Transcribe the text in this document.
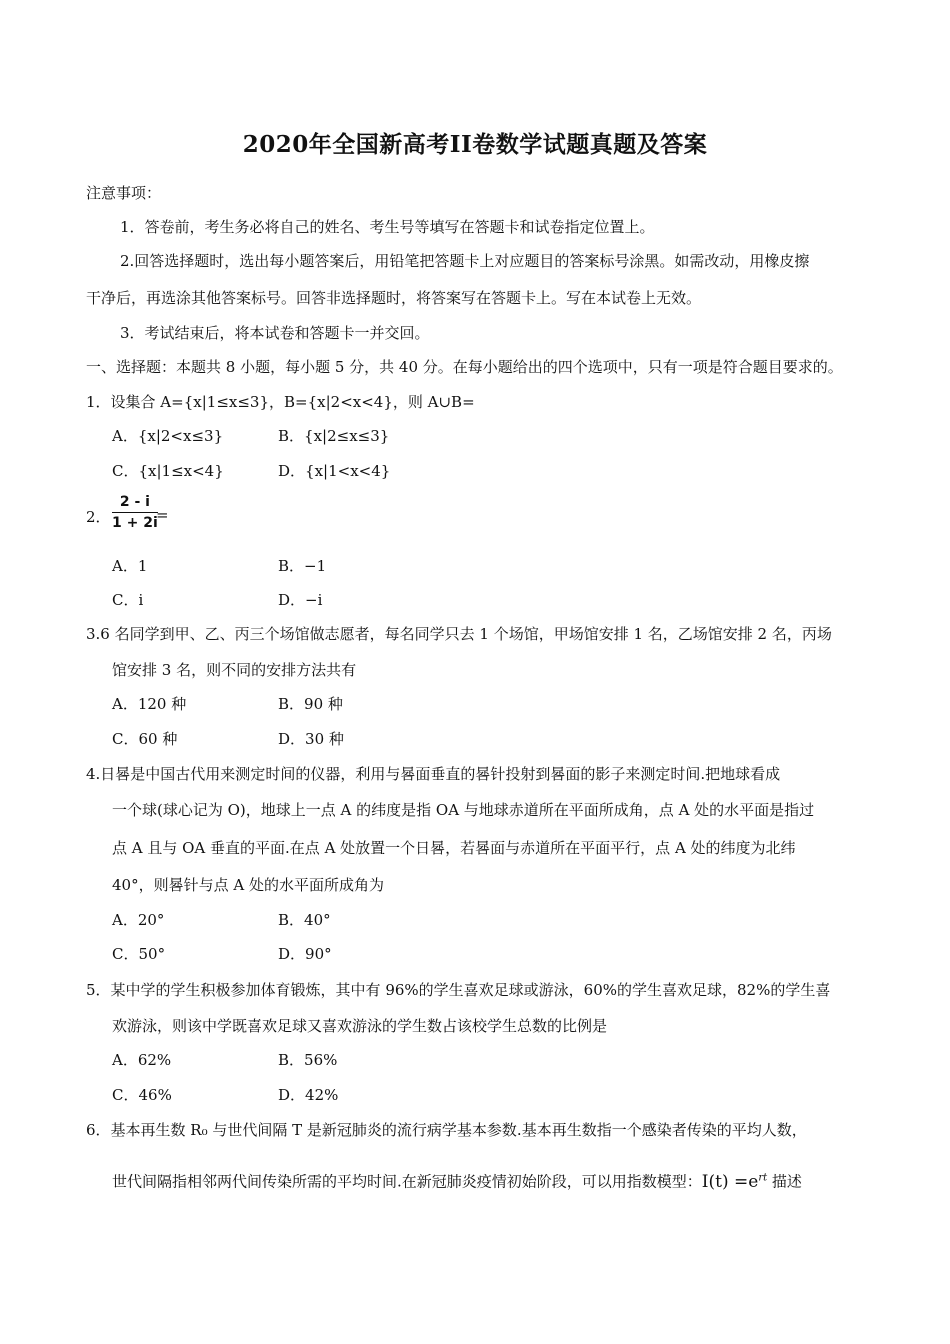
2020年全国新高考II卷数学试题真题及答案
注意事项：
1．答卷前，考生务必将自己的姓名、考生号等填写在答题卡和试卷指定位置上。
2.回答选择题时，选出每小题答案后，用铅笔把答题卡上对应题目的答案标号涂黑。如需改动，用橡皮擦
干净后，再选涂其他答案标号。回答非选择题时，将答案写在答题卡上。写在本试卷上无效。
3．考试结束后，将本试卷和答题卡一并交回。
一、选择题：本题共 8 小题，每小题 5 分，共 40 分。在每小题给出的四个选项中，只有一项是符合题目要求的。
1．设集合 A={x|1≤x≤3}，B={x|2<x<4}，则 A∪B=
A．{x|2<x≤3}	B．{x|2≤x≤3}
C．{x|1≤x<4}	D．{x|1<x<4}
2． $\frac{2 - i}{1 + 2i}$
=
A．1	B．−1
C．i	D．−i
3.6 名同学到甲、乙、丙三个场馆做志愿者，每名同学只去 1 个场馆，甲场馆安排 1 名，乙场馆安排 2 名，丙场
馆安排 3 名，则不同的安排方法共有
A．120 种	B．90 种
C．60 种	D．30 种
4.日晷是中国古代用来测定时间的仪器，利用与晷面垂直的晷针投射到晷面的影子来测定时间.把地球看成
一个球(球心记为 O)，地球上一点 A 的纬度是指 OA 与地球赤道所在平面所成角，点 A 处的水平面是指过
点 A 且与 OA 垂直的平面.在点 A 处放置一个日晷，若晷面与赤道所在平面平行，点 A 处的纬度为北纬
40°，则晷针与点 A 处的水平面所成角为
A．20°	B．40°
C．50°	D．90°
5．某中学的学生积极参加体育锻炼，其中有 96%的学生喜欢足球或游泳，60%的学生喜欢足球，82%的学生喜
欢游泳，则该中学既喜欢足球又喜欢游泳的学生数占该校学生总数的比例是
A．62%	B．56%
C．46%	D．42%
6．基本再生数 R₀ 与世代间隔 T 是新冠肺炎的流行病学基本参数.基本再生数指一个感染者传染的平均人数，
世代间隔指相邻两代间传染所需的平均时间.在新冠肺炎疫情初始阶段，可以用指数模型：$I(t) =e^{rt}$ 描述
